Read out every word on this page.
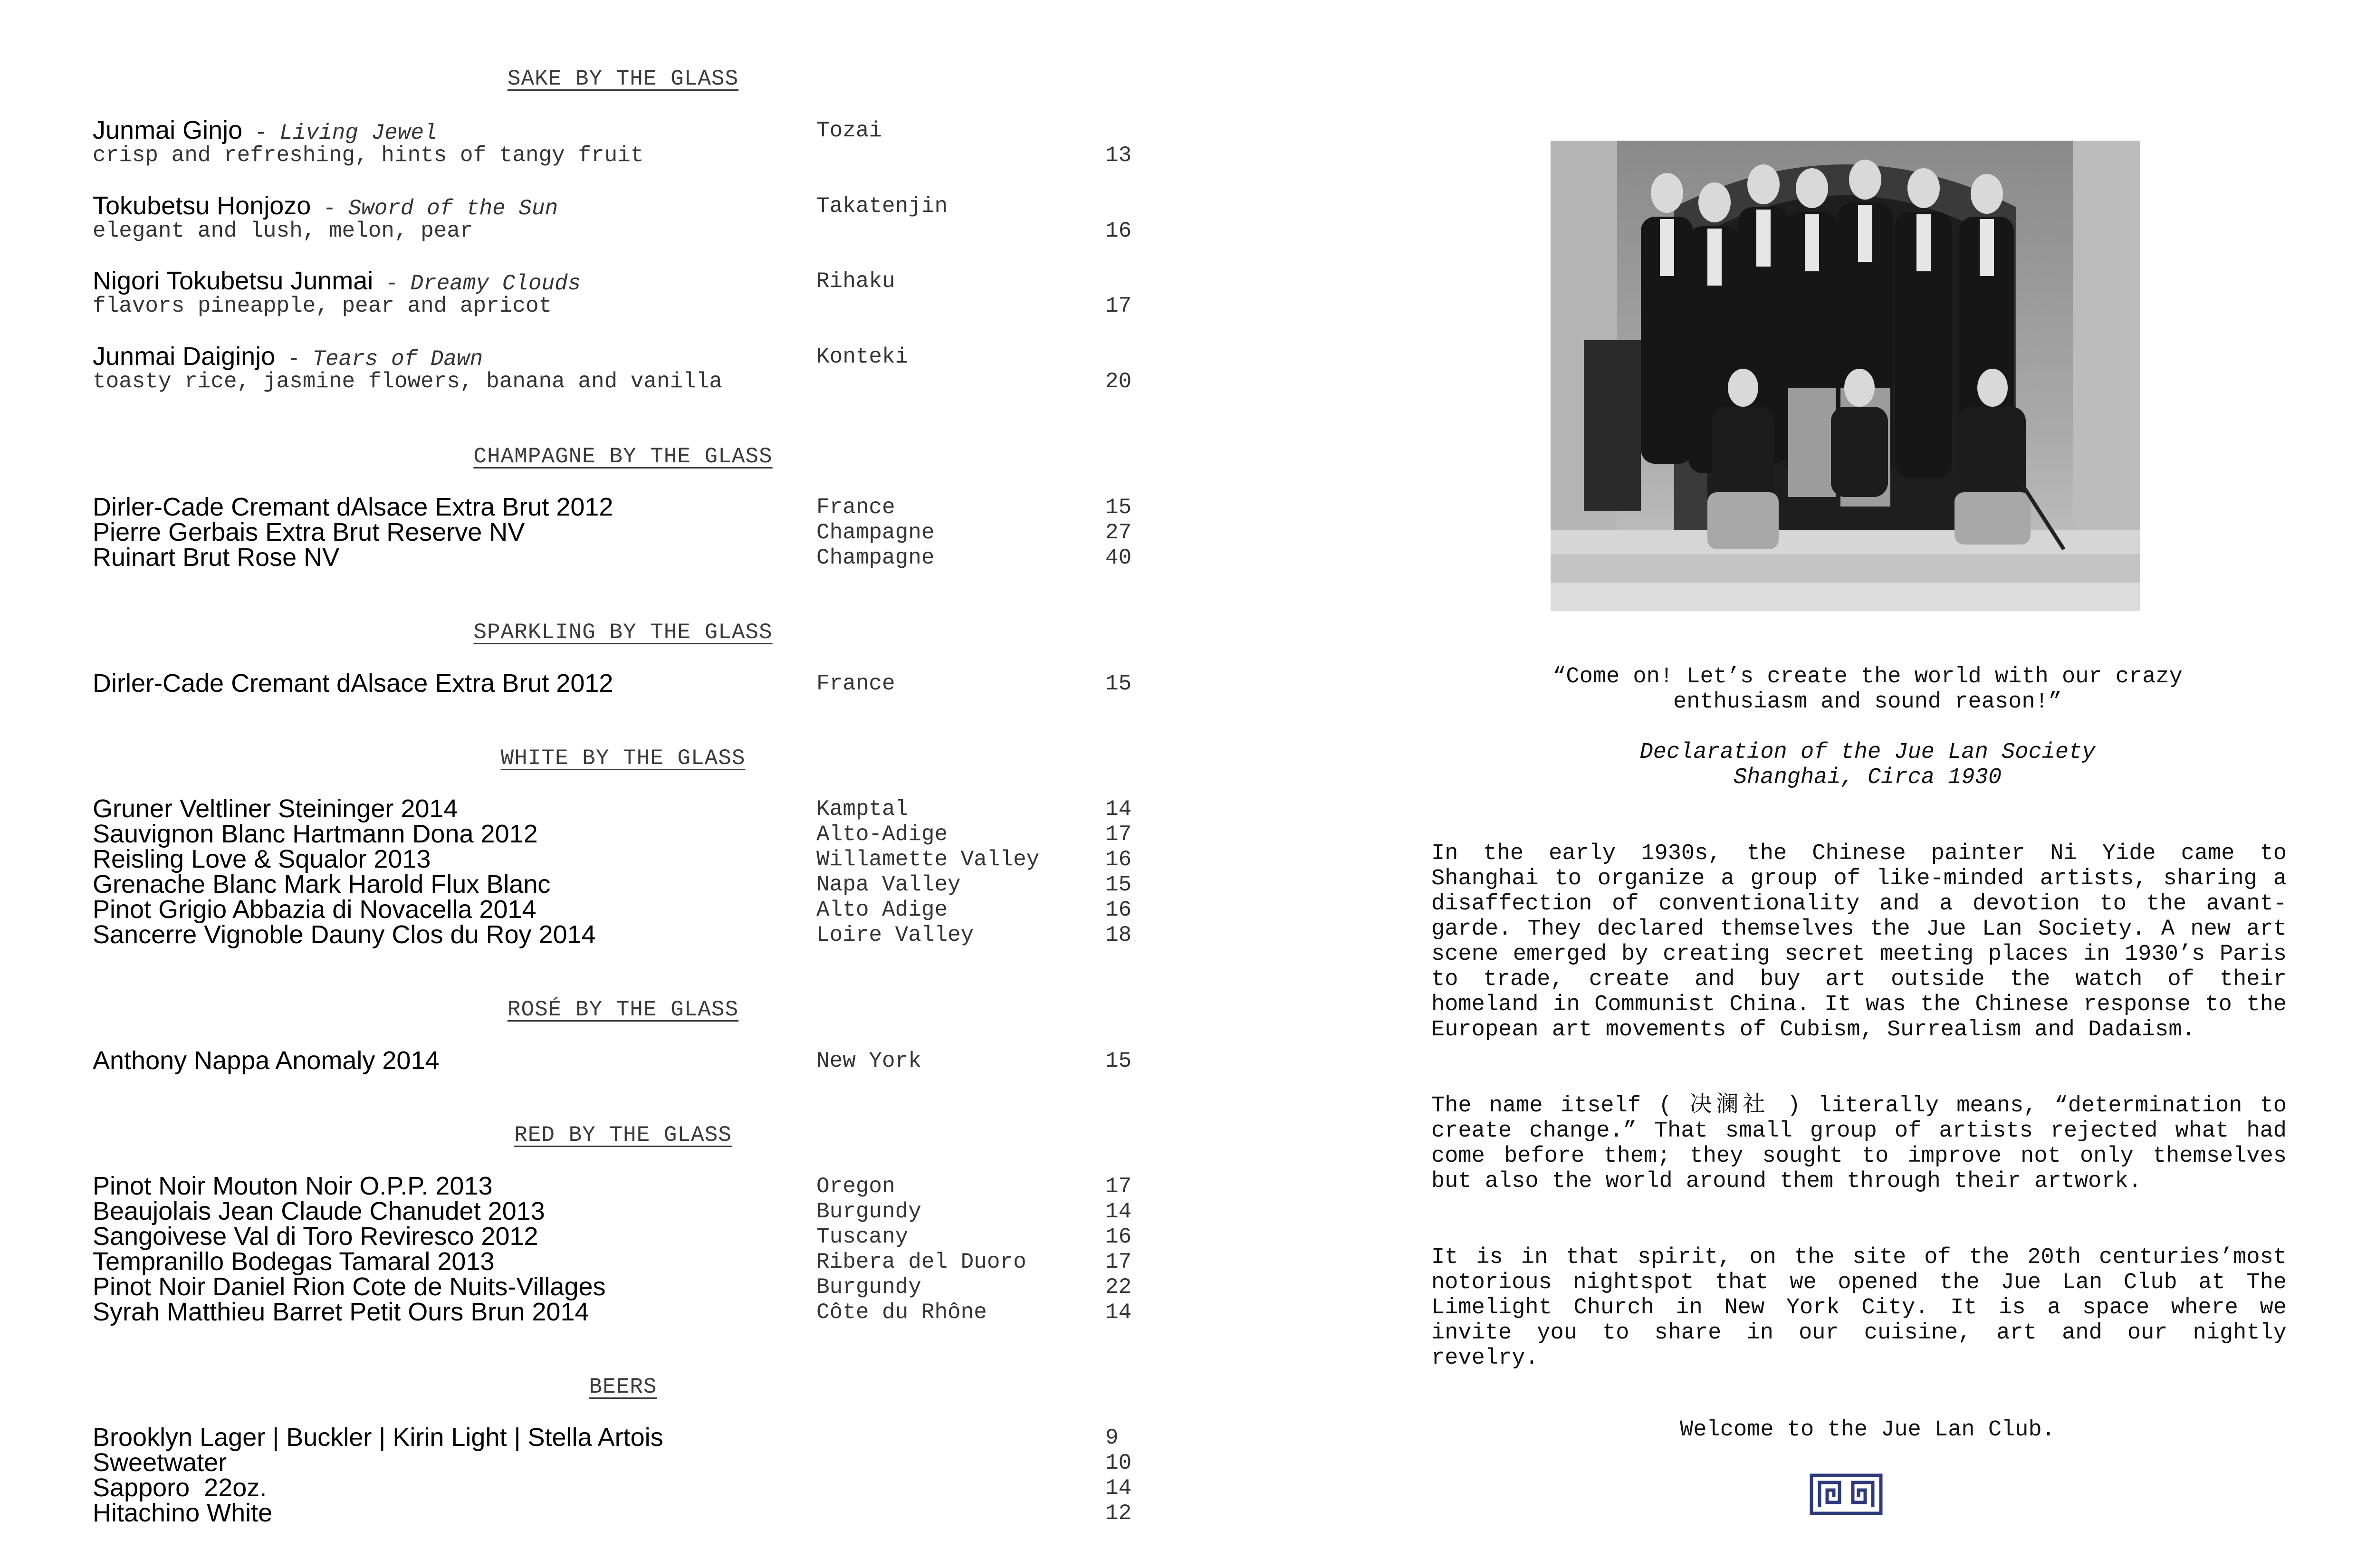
SAKE BY THE GLASS
Junmai Ginjo - Living Jewel	Tozai
crisp and refreshing, hints of tangy fruit	13
Tokubetsu Honjozo - Sword of the Sun	Takatenjin
elegant and lush, melon, pear	16
Nigori Tokubetsu Junmai - Dreamy Clouds	Rihaku
flavors pineapple, pear and apricot	17
Junmai Daiginjo - Tears of Dawn	Konteki
toasty rice, jasmine flowers, banana and vanilla	20
CHAMPAGNE BY THE GLASS
Dirler-Cade Cremant dAlsace Extra Brut 2012	France	15
Pierre Gerbais Extra Brut Reserve NV	Champagne	27
Ruinart Brut Rose NV	Champagne	40
SPARKLING BY THE GLASS
Dirler-Cade Cremant dAlsace Extra Brut 2012	France	15
WHITE BY THE GLASS
Gruner Veltliner Steininger 2014	Kamptal	14
Sauvignon Blanc Hartmann Dona 2012	Alto-Adige	17
Reisling Love & Squalor 2013	Willamette Valley	16
Grenache Blanc Mark Harold Flux Blanc	Napa Valley	15
Pinot Grigio Abbazia di Novacella 2014	Alto Adige	16
Sancerre Vignoble Dauny Clos du Roy 2014	Loire Valley	18
ROSÉ BY THE GLASS
Anthony Nappa Anomaly 2014	New York	15
RED BY THE GLASS
Pinot Noir Mouton Noir O.P.P. 2013	Oregon	17
Beaujolais Jean Claude Chanudet 2013	Burgundy	14
Sangoivese Val di Toro Reviresco 2012	Tuscany	16
Tempranillo Bodegas Tamaral 2013	Ribera del Duoro	17
Pinot Noir Daniel Rion Cote de Nuits-Villages	Burgundy	22
Syrah Matthieu Barret Petit Ours Brun 2014	Côte du Rhône	14
BEERS
Brooklyn Lager | Buckler | Kirin Light | Stella Artois	9
Sweetwater	10
Sapporo  22oz.	14
Hitachino White	12

“Come on! Let’s create the world with our crazy
enthusiasm and sound reason!”

Declaration of the Jue Lan Society
Shanghai, Circa 1930

In the early 1930s, the Chinese painter Ni Yide came to Shanghai to organize a group of like-minded artists, sharing a disaffection of conventionality and a devotion to the avant-garde. They declared themselves the Jue Lan Society. A new art scene emerged by creating secret meeting places in 1930’s Paris to trade, create and buy art outside the watch of their homeland in Communist China. It was the Chinese response to the European art movements of Cubism, Surrealism and Dadaism.

The name itself ( 决澜社 ) literally means, “determination to create change.” That small group of artists rejected what had come before them; they sought to improve not only themselves but also the world around them through their artwork.

It is in that spirit, on the site of the 20th centuries’most notorious nightspot that we opened the Jue Lan Club at The Limelight Church in New York City. It is a space where we invite you to share in our cuisine, art and our nightly revelry.

Welcome to the Jue Lan Club.
